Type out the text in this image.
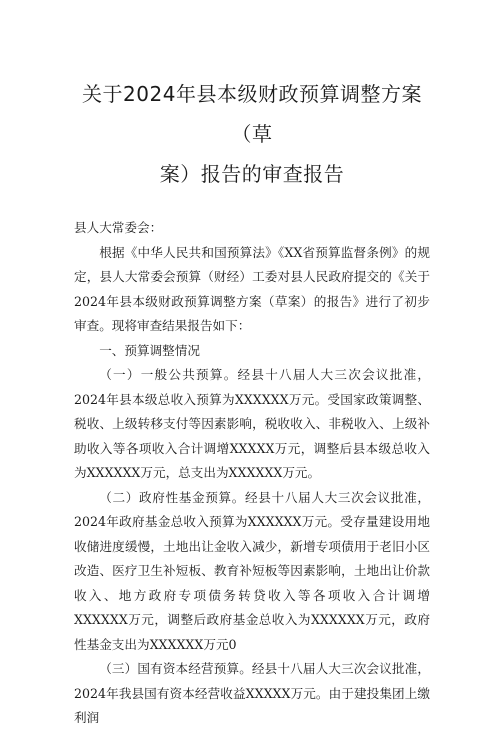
关于2024年县本级财政预算调整方案（草
案）报告的审查报告

县人大常委会：

根据《中华人民共和国预算法》《XX省预算监督条例》的规定，县人大常委会预算（财经）工委对县人民政府提交的《关于2024年县本级财政预算调整方案（草案）的报告》进行了初步审查。现将审查结果报告如下：

一、预算调整情况

（一）一般公共预算。经县十八届人大三次会议批准，2024年县本级总收入预算为XXXXXX万元。受国家政策调整、税收、上级转移支付等因素影响，税收收入、非税收入、上级补助收入等各项收入合计调增XXXXX万元，调整后县本级总收入为XXXXXX万元，总支出为XXXXXX万元。

（二）政府性基金预算。经县十八届人大三次会议批准，2024年政府基金总收入预算为XXXXXX万元。受存量建设用地收储进度缓慢，土地出让金收入减少，新增专项债用于老旧小区改造、医疗卫生补短板、教育补短板等因素影响，土地出让价款收入、地方政府专项债务转贷收入等各项收入合计调增XXXXXX万元，调整后政府基金总收入为XXXXXX万元，政府性基金支出为XXXXXX万元0

（三）国有资本经营预算。经县十八届人大三次会议批准，2024年我县国有资本经营收益XXXXX万元。由于建投集团上缴利润
